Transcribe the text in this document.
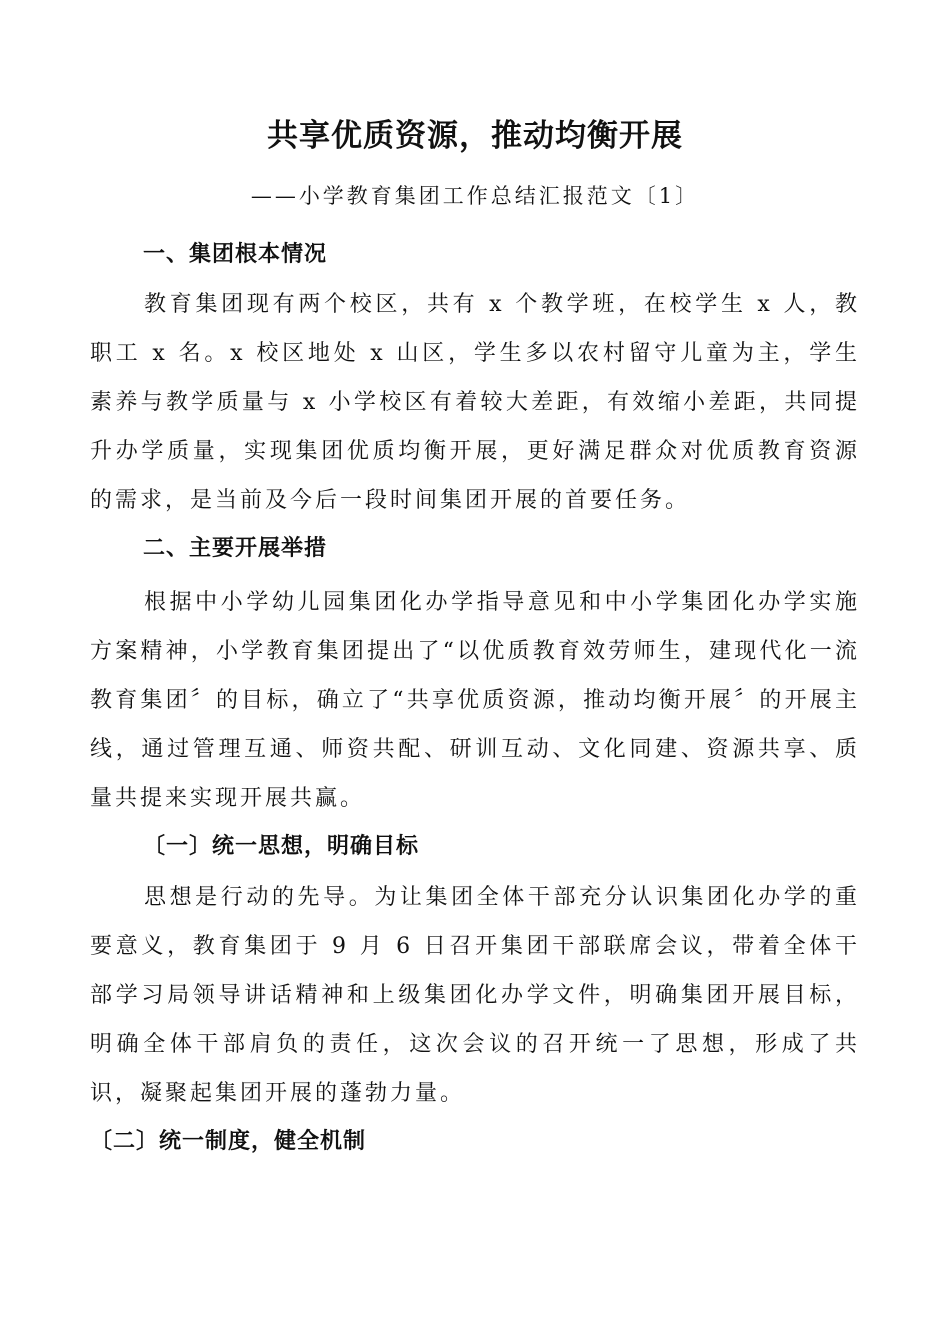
共享优质资源，推动均衡开展
——小学教育集团工作总结汇报范文〔1〕
一、集团根本情况

教育集团现有两个校区，共有 x 个教学班，在校学生 x 人，教职工 x 名。x 校区地处 x 山区，学生多以农村留守儿童为主，学生素养与教学质量与 x 小学校区有着较大差距，有效缩小差距，共同提升办学质量，实现集团优质均衡开展，更好满足群众对优质教育资源的需求，是当前及今后一段时间集团开展的首要任务。

二、主要开展举措

根据中小学幼儿园集团化办学指导意见和中小学集团化办学实施方案精神，小学教育集团提出了“以优质教育效劳师生，建现代化一流教育集团〞的目标，确立了“共享优质资源，推动均衡开展〞的开展主线，通过管理互通、师资共配、研训互动、文化同建、资源共享、质量共提来实现开展共赢。

〔一〕统一思想，明确目标

思想是行动的先导。为让集团全体干部充分认识集团化办学的重要意义，教育集团于 9 月 6 日召开集团干部联席会议，带着全体干部学习局领导讲话精神和上级集团化办学文件，明确集团开展目标，明确全体干部肩负的责任，这次会议的召开统一了思想，形成了共识，凝聚起集团开展的蓬勃力量。

〔二〕统一制度，健全机制
